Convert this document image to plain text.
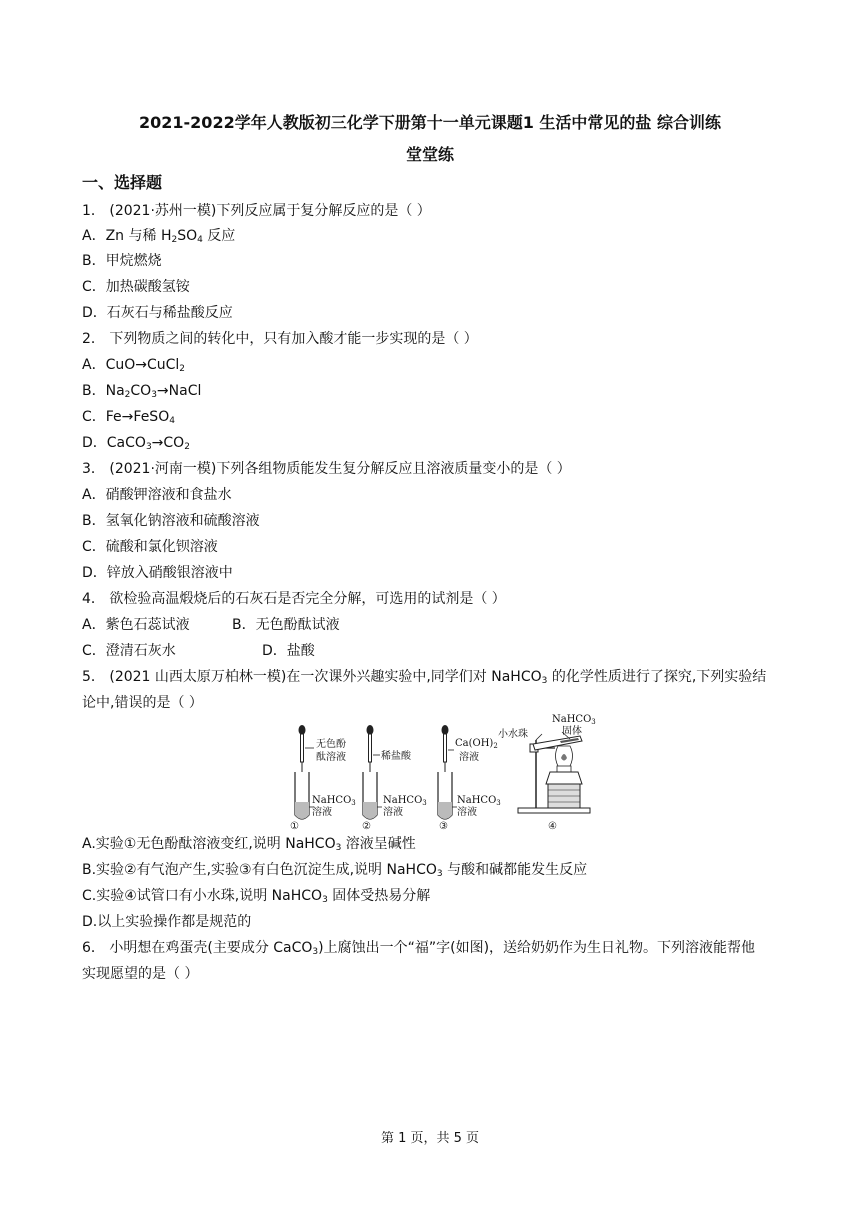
2021-2022学年人教版初三化学下册第十一单元课题1 生活中常见的盐 综合训练
堂堂练
一、选择题
1． (2021·苏州一模)下列反应属于复分解反应的是（ ）
A．Zn 与稀 $H_2SO_4$ 反应
B．甲烷燃烧
C．加热碳酸氢铵
D．石灰石与稀盐酸反应
2． 下列物质之间的转化中，只有加入酸才能一步实现的是（ ）
A．CuO→CuCl$_2$
B．$Na_2CO_3\to NaCl$
C．Fe→FeSO$_4$
D．$CaCO_3\to CO_2$
3． (2021·河南一模)下列各组物质能发生复分解反应且溶液质量变小的是（ ）
A．硝酸钾溶液和食盐水
B．氢氧化钠溶液和硫酸溶液
C．硫酸和氯化钡溶液
D．锌放入硝酸银溶液中
4． 欲检验高温煅烧后的石灰石是否完全分解，可选用的试剂是（ ）
A．紫色石蕊试液	B．无色酚酞试液
C．澄清石灰水	D．盐酸
5． (2021 山西太原万柏林一模)在一次课外兴趣实验中,同学们对 NaHCO$_3$ 的化学性质进行了探究,下列实验结
论中,错误的是（ ）
无色酚
酞溶液
NaHCO$_3$
溶液
①
稀盐酸
NaHCO$_3$
溶液
②
$Ca(OH)_2$
溶液
NaHCO$_3$
溶液
③
小水珠
NaHCO$_3$
固体
④
A.实验①无色酚酞溶液变红,说明 NaHCO$_3$ 溶液呈碱性
B.实验②有气泡产生,实验③有白色沉淀生成,说明 NaHCO$_3$ 与酸和碱都能发生反应
C.实验④试管口有小水珠,说明 NaHCO$_3$ 固体受热易分解
D.以上实验操作都是规范的
6． 小明想在鸡蛋壳(主要成分 CaCO$_3$)上腐蚀出一个“福”字(如图)，送给奶奶作为生日礼物。下列溶液能帮他
实现愿望的是（ ）
第 1 页，共 5 页
